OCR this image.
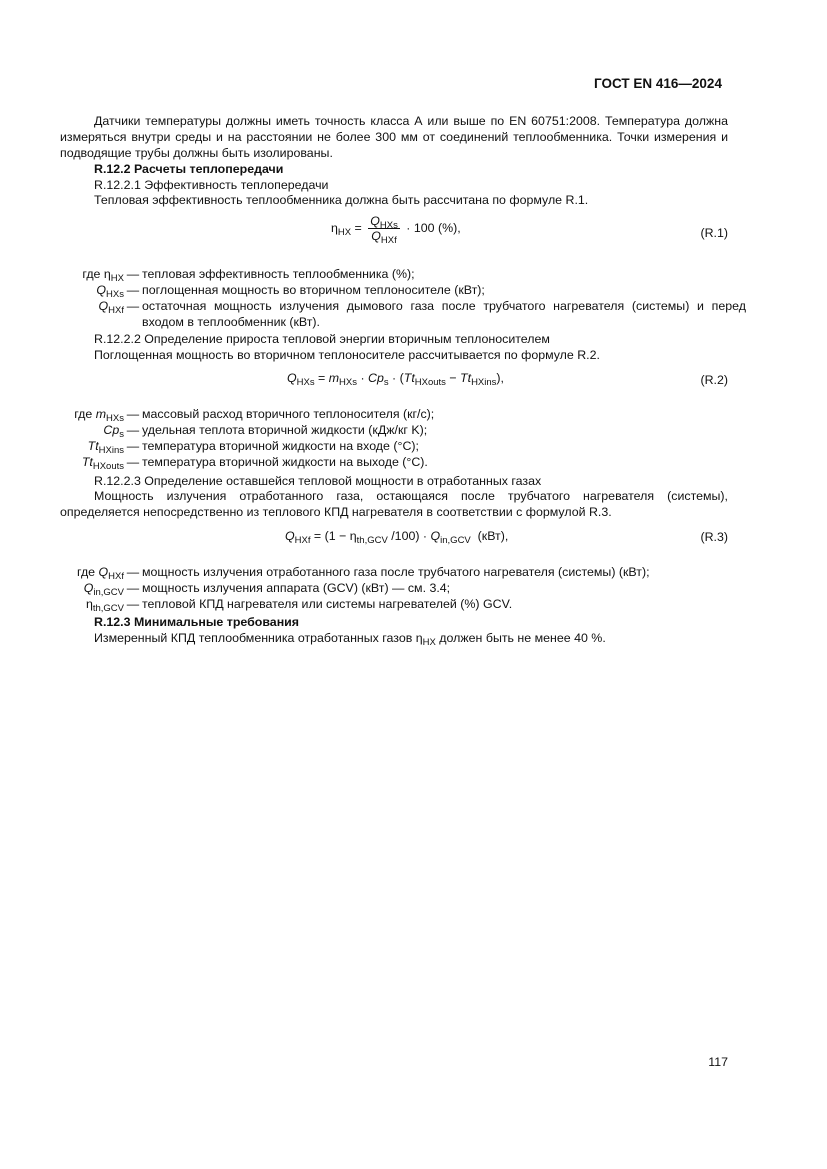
ГОСТ EN 416—2024
Датчики температуры должны иметь точность класса А или выше по EN 60751:2008. Температура должна измеряться внутри среды и на расстоянии не более 300 мм от соединений теплообменника. Точки измерения и подводящие трубы должны быть изолированы.
R.12.2 Расчеты теплопередачи
R.12.2.1 Эффективность теплопередачи
Тепловая эффективность теплообменника должна быть рассчитана по формуле R.1.
$\eta_{HX} = \frac{Q_{HXs}}{Q_{HXf}} \cdot 100$ (%),	(R.1)
где $\eta_{HX}$ — тепловая эффективность теплообменника (%);
$Q_{HXs}$ — поглощенная мощность во вторичном теплоносителе (кВт);
$Q_{HXf}$ — остаточная мощность излучения дымового газа после трубчатого нагревателя (системы) и перед входом в теплообменник (кВт).
R.12.2.2 Определение прироста тепловой энергии вторичным теплоносителем
Поглощенная мощность во вторичном теплоносителе рассчитывается по формуле R.2.
$Q_{HXs} = m_{HXs} \cdot Cp_s \cdot (Tt_{HXouts} - Tt_{HXins})$,	(R.2)
где $m_{HXs}$ — массовый расход вторичного теплоносителя (кг/с);
$Cp_s$ — удельная теплота вторичной жидкости (кДж/кг K);
$Tt_{HXins}$ — температура вторичной жидкости на входе (°C);
$Tt_{HXouts}$ — температура вторичной жидкости на выходе (°C).
R.12.2.3 Определение оставшейся тепловой мощности в отработанных газах
Мощность излучения отработанного газа, остающаяся после трубчатого нагревателя (системы), определяется непосредственно из теплового КПД нагревателя в соответствии с формулой R.3.
$Q_{HXf} = (1 - \eta_{th,GCV}$ $/100) \cdot Q_{in,GCV}$ (кВт),	(R.3)
где $Q_{HXf}$ — мощность излучения отработанного газа после трубчатого нагревателя (системы) (кВт);
$Q_{in,GCV}$ — мощность излучения аппарата (GCV) (кВт) — см. 3.4;
$\eta_{th,GCV}$ — тепловой КПД нагревателя или системы нагревателей (%) GCV.
R.12.3 Минимальные требования
Измеренный КПД теплообменника отработанных газов $\eta_{HX}$ должен быть не менее 40 %.
117
